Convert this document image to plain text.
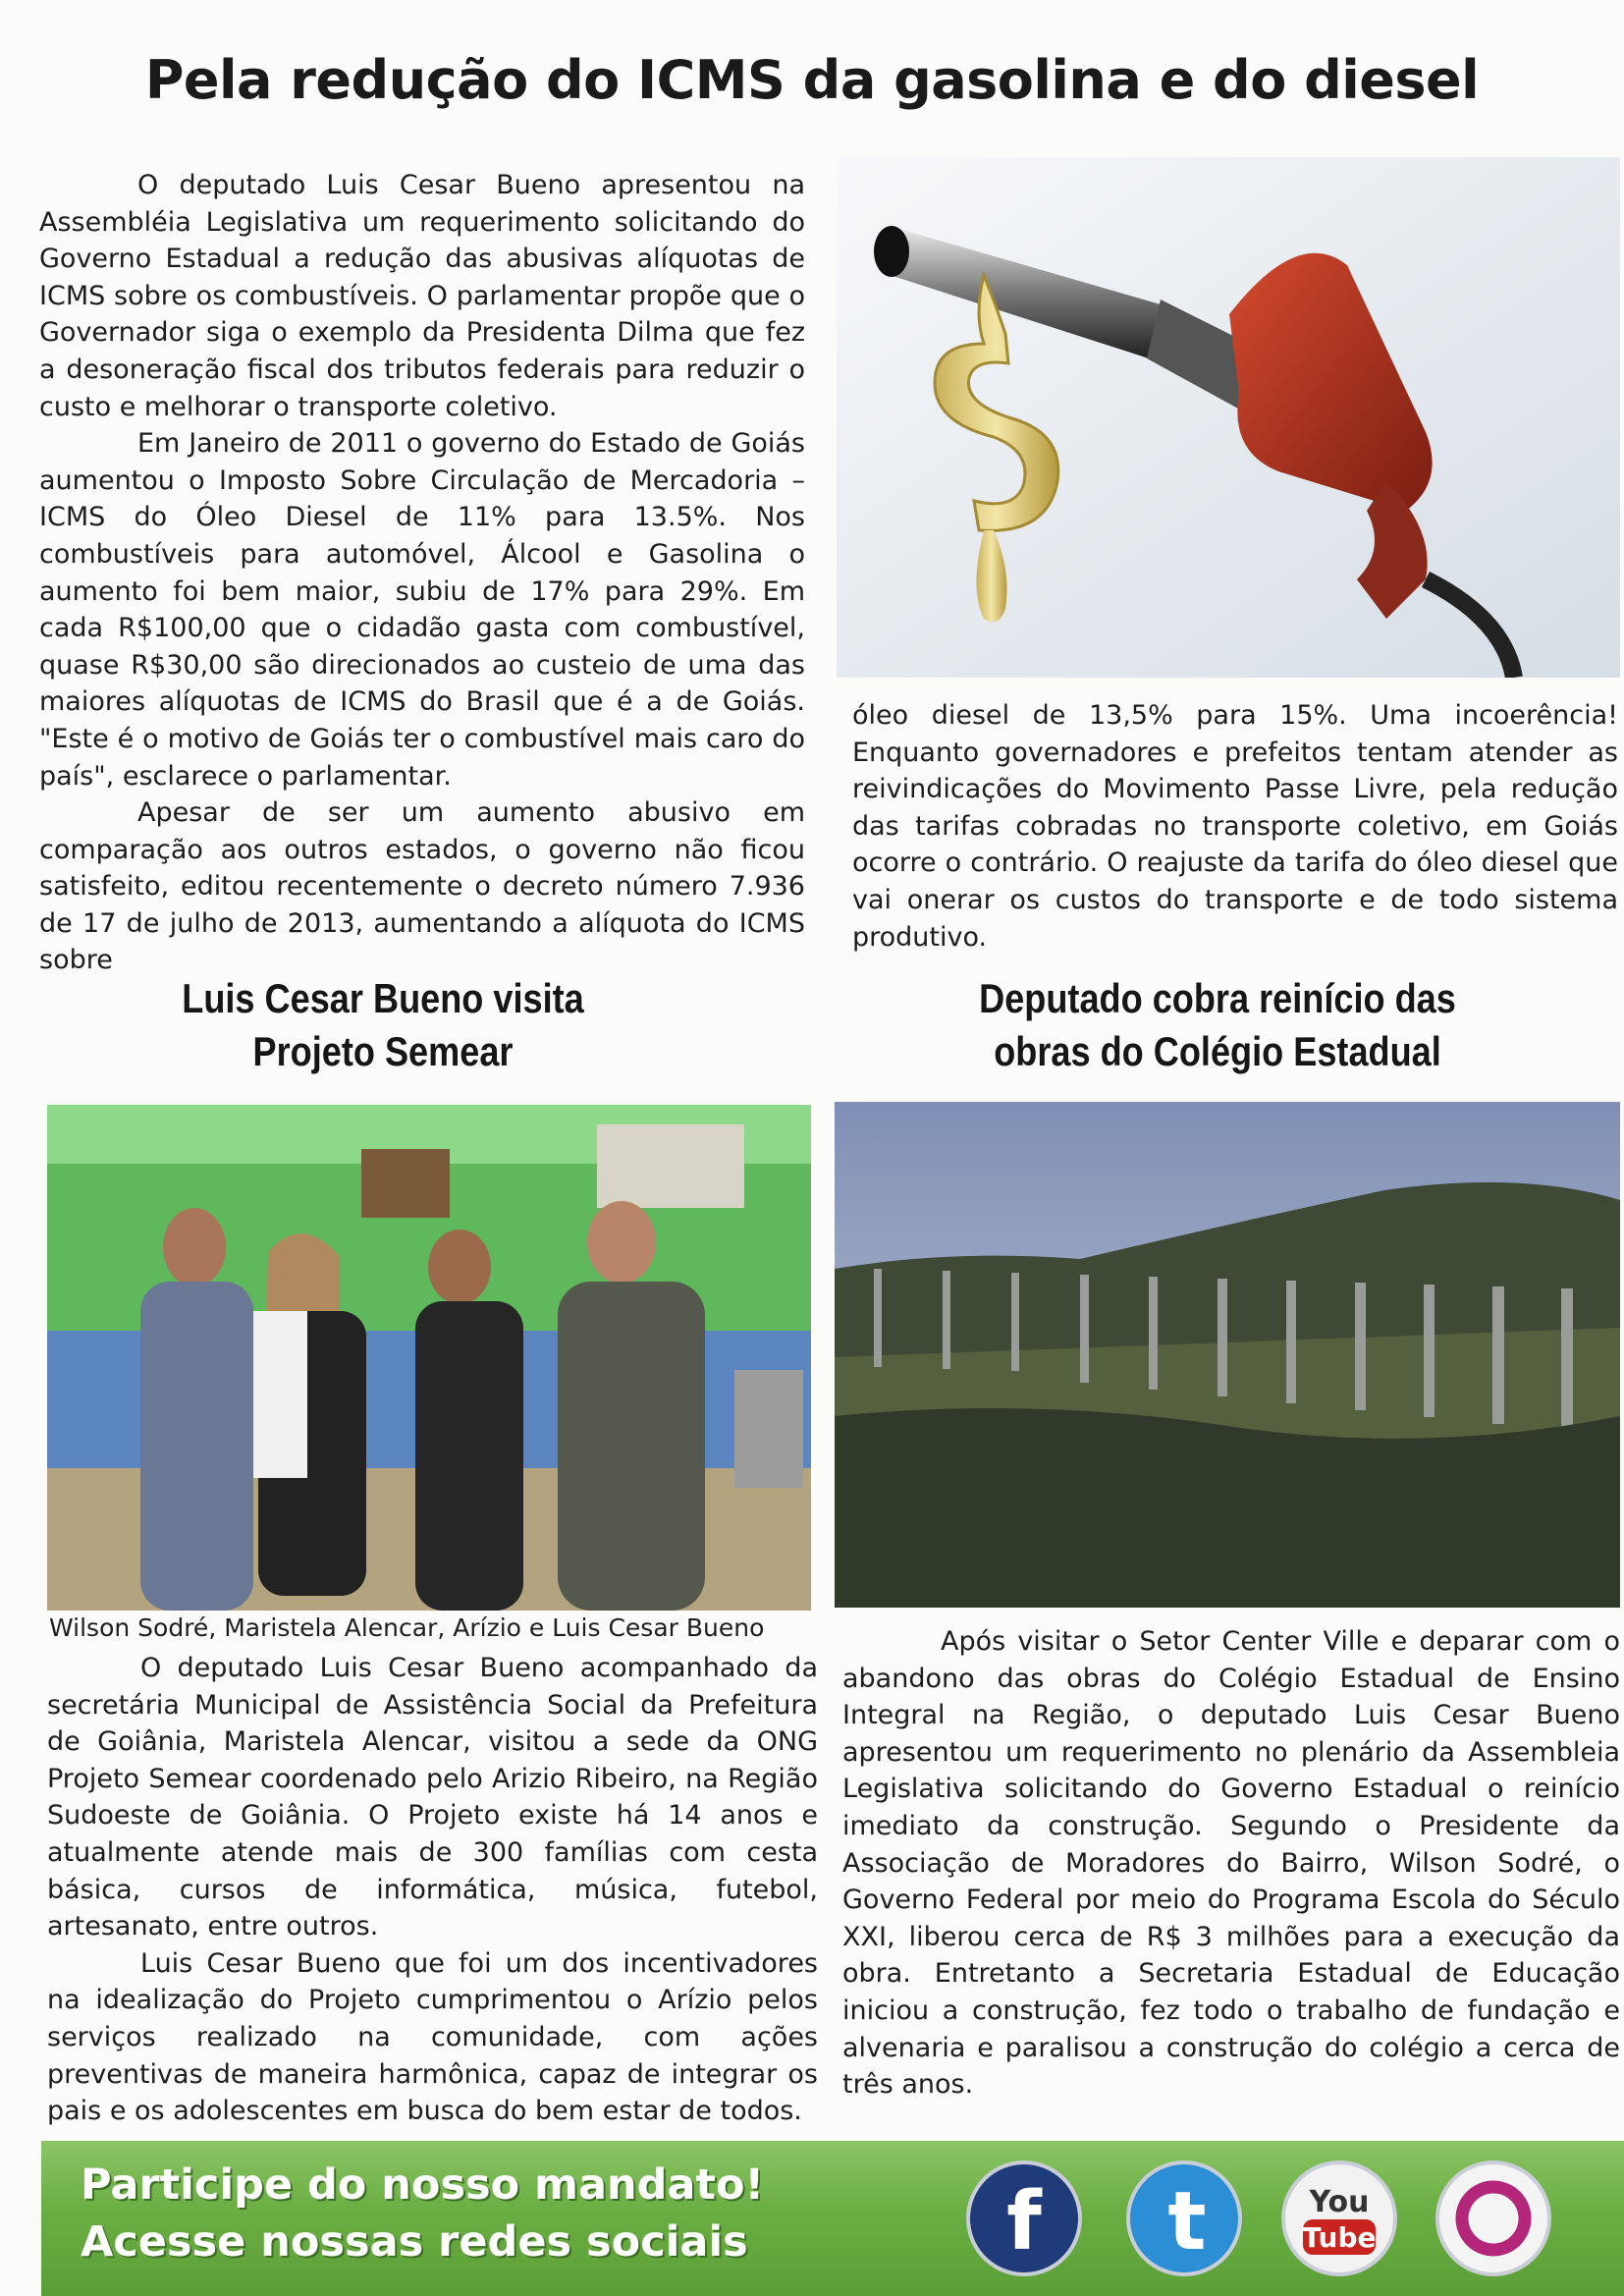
Pela redução do ICMS da gasolina e do diesel

O deputado Luis Cesar Bueno apresentou na Assembléia Legislativa um requerimento solicitando do Governo Estadual a redução das abusivas alíquotas de ICMS sobre os combustíveis. O parlamentar propõe que o Governador siga o exemplo da Presidenta Dilma que fez a desoneração fiscal dos tributos federais para reduzir o custo e melhorar o transporte coletivo.

Em Janeiro de 2011 o governo do Estado de Goiás aumentou o Imposto Sobre Circulação de Mercadoria – ICMS do Óleo Diesel de 11% para 13.5%. Nos combustíveis para automóvel, Álcool e Gasolina o aumento foi bem maior, subiu de 17% para 29%. Em cada R$100,00 que o cidadão gasta com combustível, quase R$30,00 são direcionados ao custeio de uma das maiores alíquotas de ICMS do Brasil que é a de Goiás. "Este é o motivo de Goiás ter o combustível mais caro do país", esclarece o parlamentar.

Apesar de ser um aumento abusivo em comparação aos outros estados, o governo não ficou satisfeito, editou recentemente o decreto número 7.936 de 17 de julho de 2013, aumentando a alíquota do ICMS sobre

óleo diesel de 13,5% para 15%. Uma incoerência! Enquanto governadores e prefeitos tentam atender as reivindicações do Movimento Passe Livre, pela redução das tarifas cobradas no transporte coletivo, em Goiás ocorre o contrário. O reajuste da tarifa do óleo diesel que vai onerar os custos do transporte e de todo sistema produtivo.

Luis Cesar Bueno visita
Projeto Semear
Deputado cobra reinício das
obras do Colégio Estadual
Wilson Sodré, Maristela Alencar, Arízio e Luis Cesar Bueno

O deputado Luis Cesar Bueno acompanhado da secretária Municipal de Assistência Social da Prefeitura de Goiânia, Maristela Alencar, visitou a sede da ONG Projeto Semear coordenado pelo Arizio Ribeiro, na Região Sudoeste de Goiânia. O Projeto existe há 14 anos e atualmente atende mais de 300 famílias com cesta básica, cursos de informática, música, futebol, artesanato, entre outros.

Luis Cesar Bueno que foi um dos incentivadores na idealização do Projeto cumprimentou o Arízio pelos serviços realizado na comunidade, com ações preventivas de maneira harmônica, capaz de integrar os pais e os adolescentes em busca do bem estar de todos.

Após visitar o Setor Center Ville e deparar com o abandono das obras do Colégio Estadual de Ensino Integral na Região, o deputado Luis Cesar Bueno apresentou um requerimento no plenário da Assembleia Legislativa solicitando do Governo Estadual o reinício imediato da construção. Segundo o Presidente da Associação de Moradores do Bairro, Wilson Sodré, o Governo Federal por meio do Programa Escola do Século XXI, liberou cerca de R$ 3 milhões para a execução da obra. Entretanto a Secretaria Estadual de Educação iniciou a construção, fez todo o trabalho de fundação e alvenaria e paralisou a construção do colégio a cerca de três anos.

Participe do nosso mandato!
Acesse nossas redes sociais	f t	You
Tube
